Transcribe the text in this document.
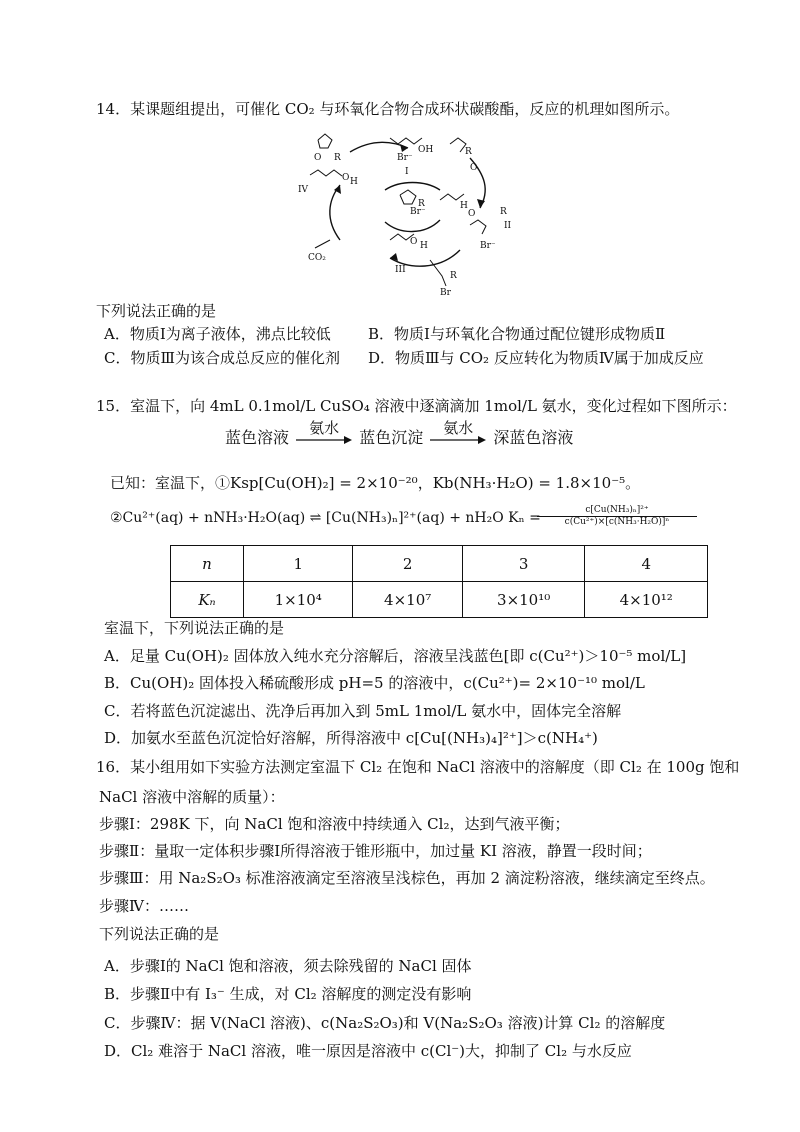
14．某课题组提出，可催化 CO₂ 与环氧化合物合成环状碳酸酯，反应的机理如图所示。
O R	Br⁻
OH
I	O
R
IV
O H
Br⁻
R	H
O	R
II
Br⁻
CO₂
O H
III
R
Br
下列说法正确的是
A．物质Ⅰ为离子液体，沸点比较低 B．物质Ⅰ与环氧化合物通过配位键形成物质Ⅱ
C．物质Ⅲ为该合成总反应的催化剂 D．物质Ⅲ与 CO₂ 反应转化为物质Ⅳ属于加成反应
15．室温下，向 4mL 0.1mol/L CuSO₄ 溶液中逐滴滴加 1mol/L 氨水，变化过程如下图所示：
蓝色溶液
氨水
蓝色沉淀
氨水
深蓝色溶液
已知：室温下，①Ksp[Cu(OH)₂] = 2×10⁻²⁰，Kb(NH₃·H₂O) = 1.8×10⁻⁵。
②Cu²⁺(aq) + nNH₃·H₂O(aq) ⇌ [Cu(NH₃)ₙ]²⁺(aq) + nH₂O Kₙ =
$\frac{\text{c[Cu(NH₃)ₙ]²⁺}}{\text{c(Cu²⁺)×[c(NH₃·H₂O)]ⁿ}}$
n	1	2	3	4
Kₙ	1×10⁴	4×10⁷	3×10¹⁰	4×10¹²
室温下，下列说法正确的是
A．足量 Cu(OH)₂ 固体放入纯水充分溶解后，溶液呈浅蓝色[即 c(Cu²⁺)＞10⁻⁵ mol/L]
B．Cu(OH)₂ 固体投入稀硫酸形成 pH=5 的溶液中，c(Cu²⁺)= 2×10⁻¹⁰ mol/L
C．若将蓝色沉淀滤出、洗净后再加入到 5mL 1mol/L 氨水中，固体完全溶解
D．加氨水至蓝色沉淀恰好溶解，所得溶液中 c[Cu[(NH₃)₄]²⁺]＞c(NH₄⁺)
16．某小组用如下实验方法测定室温下 Cl₂ 在饱和 NaCl 溶液中的溶解度（即 Cl₂ 在 100g 饱和
NaCl 溶液中溶解的质量）：
步骤Ⅰ：298K 下，向 NaCl 饱和溶液中持续通入 Cl₂，达到气液平衡；
步骤Ⅱ：量取一定体积步骤Ⅰ所得溶液于锥形瓶中，加过量 KI 溶液，静置一段时间；
步骤Ⅲ：用 Na₂S₂O₃ 标准溶液滴定至溶液呈浅棕色，再加 2 滴淀粉溶液，继续滴定至终点。
步骤Ⅳ：……
下列说法正确的是
A．步骤Ⅰ的 NaCl 饱和溶液，须去除残留的 NaCl 固体
B．步骤Ⅱ中有 I₃⁻ 生成，对 Cl₂ 溶解度的测定没有影响
C．步骤Ⅳ：据 V(NaCl 溶液)、c(Na₂S₂O₃)和 V(Na₂S₂O₃ 溶液)计算 Cl₂ 的溶解度
D．Cl₂ 难溶于 NaCl 溶液，唯一原因是溶液中 c(Cl⁻)大，抑制了 Cl₂ 与水反应
